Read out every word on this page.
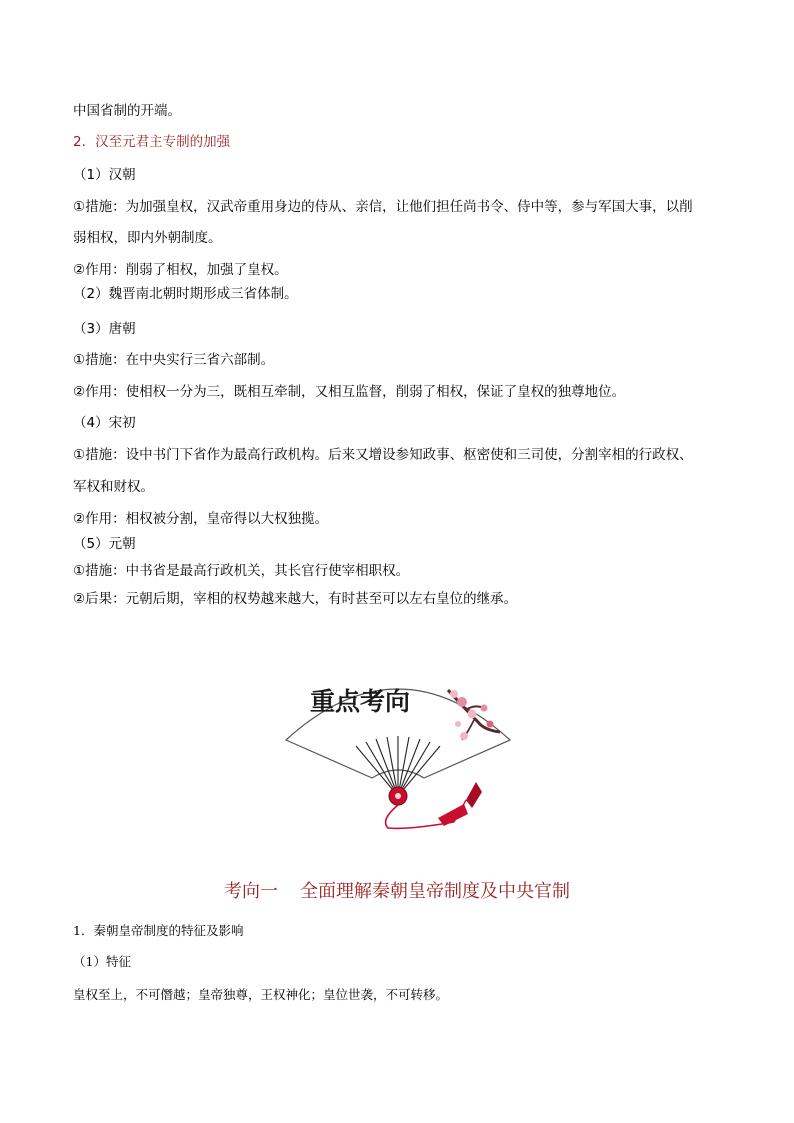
中国省制的开端。
2．汉至元君主专制的加强
（1）汉朝
①措施：为加强皇权，汉武帝重用身边的侍从、亲信，让他们担任尚书令、侍中等，参与军国大事，以削
弱相权，即内外朝制度。
②作用：削弱了相权，加强了皇权。
（2）魏晋南北朝时期形成三省体制。
（3）唐朝
①措施：在中央实行三省六部制。
②作用：使相权一分为三，既相互牵制，又相互监督，削弱了相权，保证了皇权的独尊地位。
（4）宋初
①措施：设中书门下省作为最高行政机构。后来又增设参知政事、枢密使和三司使，分割宰相的行政权、
军权和财权。
②作用：相权被分割，皇帝得以大权独揽。
（5）元朝
①措施：中书省是最高行政机关，其长官行使宰相职权。
②后果：元朝后期，宰相的权势越来越大，有时甚至可以左右皇位的继承。
重点考向
考向一 全面理解秦朝皇帝制度及中央官制
1．秦朝皇帝制度的特征及影响
（1）特征
皇权至上，不可僭越；皇帝独尊，王权神化；皇位世袭，不可转移。
